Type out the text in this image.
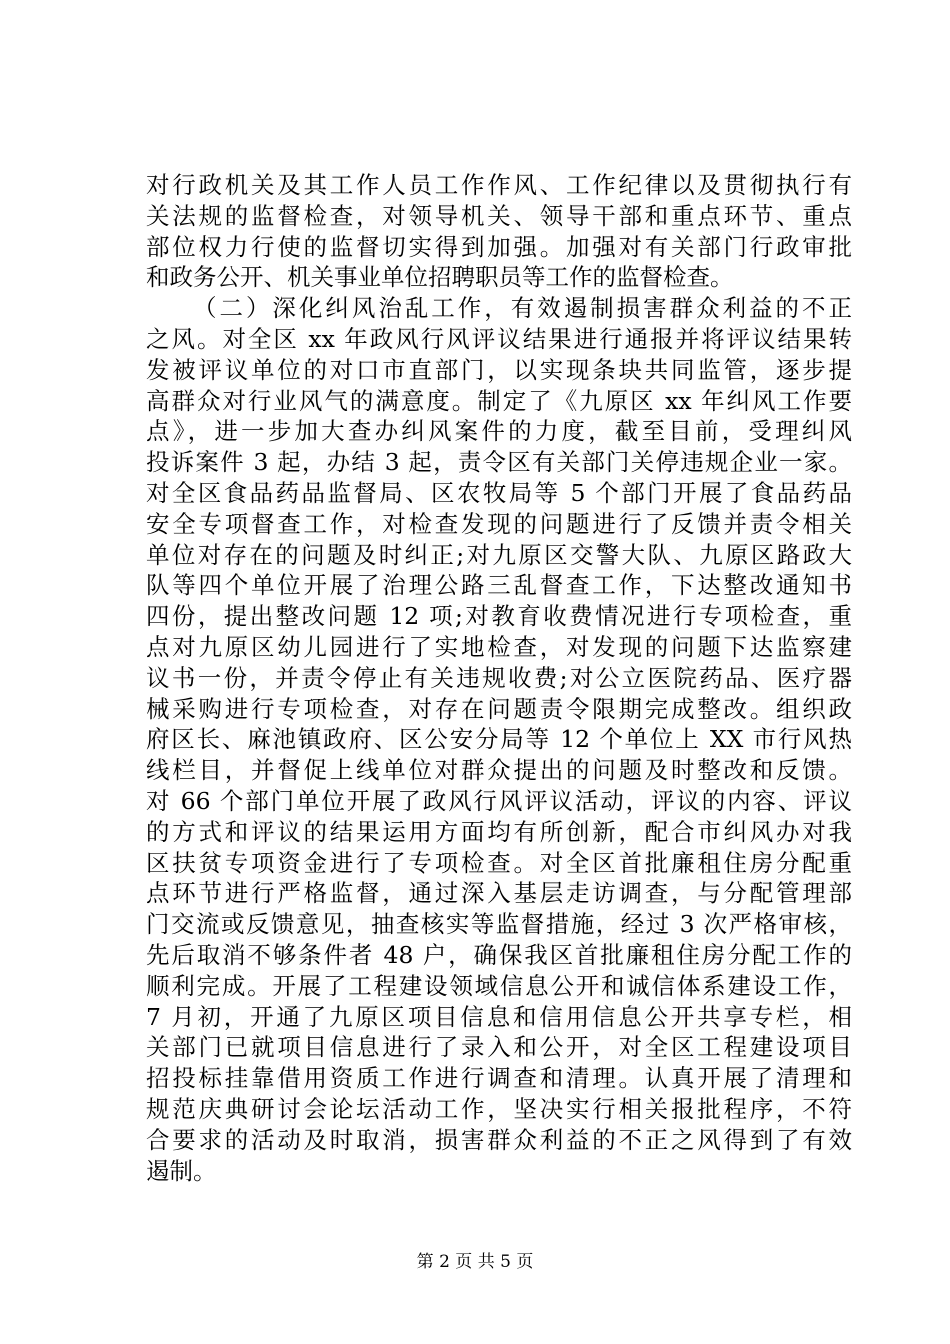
对行政机关及其工作人员工作作风、工作纪律以及贯彻执行有
关法规的监督检查，对领导机关、领导干部和重点环节、重点
部位权力行使的监督切实得到加强。加强对有关部门行政审批
和政务公开、机关事业单位招聘职员等工作的监督检查。
（二）深化纠风治乱工作，有效遏制损害群众利益的不正
之风。对全区 xx 年政风行风评议结果进行通报并将评议结果转
发被评议单位的对口市直部门，以实现条块共同监管，逐步提
高群众对行业风气的满意度。制定了《九原区 xx 年纠风工作要
点》，进一步加大查办纠风案件的力度，截至目前，受理纠风
投诉案件 3 起，办结 3 起，责令区有关部门关停违规企业一家。
对全区食品药品监督局、区农牧局等 5 个部门开展了食品药品
安全专项督查工作，对检查发现的问题进行了反馈并责令相关
单位对存在的问题及时纠正;对九原区交警大队、九原区路政大
队等四个单位开展了治理公路三乱督查工作，下达整改通知书
四份，提出整改问题 12 项;对教育收费情况进行专项检查，重
点对九原区幼儿园进行了实地检查，对发现的问题下达监察建
议书一份，并责令停止有关违规收费;对公立医院药品、医疗器
械采购进行专项检查，对存在问题责令限期完成整改。组织政
府区长、麻池镇政府、区公安分局等 12 个单位上 XX 市行风热
线栏目，并督促上线单位对群众提出的问题及时整改和反馈。
对 66 个部门单位开展了政风行风评议活动，评议的内容、评议
的方式和评议的结果运用方面均有所创新，配合市纠风办对我
区扶贫专项资金进行了专项检查。对全区首批廉租住房分配重
点环节进行严格监督，通过深入基层走访调查，与分配管理部
门交流或反馈意见，抽查核实等监督措施，经过 3 次严格审核，
先后取消不够条件者 48 户，确保我区首批廉租住房分配工作的
顺利完成。开展了工程建设领域信息公开和诚信体系建设工作，
7 月初，开通了九原区项目信息和信用信息公开共享专栏，相
关部门已就项目信息进行了录入和公开，对全区工程建设项目
招投标挂靠借用资质工作进行调查和清理。认真开展了清理和
规范庆典研讨会论坛活动工作，坚决实行相关报批程序，不符
合要求的活动及时取消，损害群众利益的不正之风得到了有效
遏制。
第 2 页 共 5 页
